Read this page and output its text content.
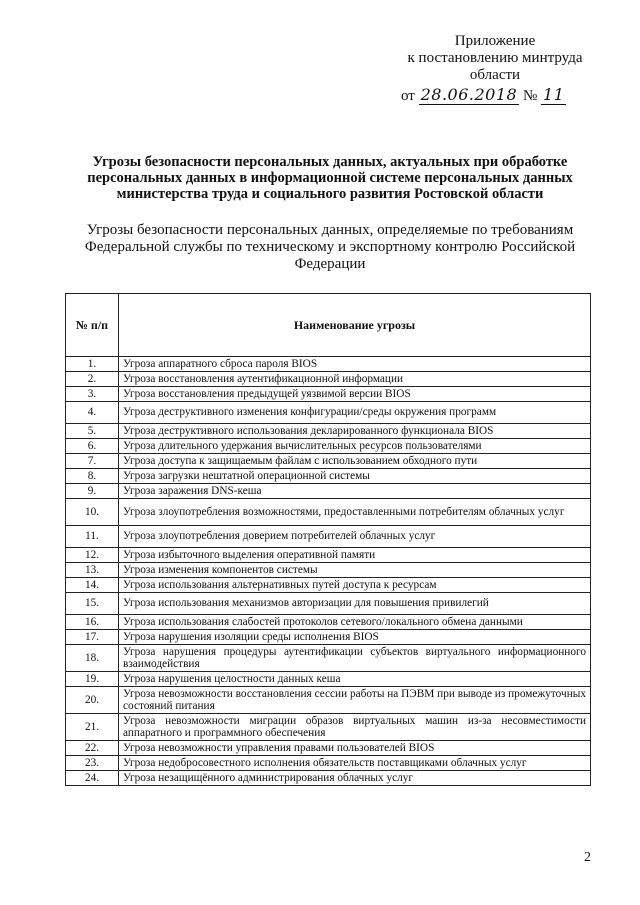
Приложение
к постановлению минтруда
области
от 28.06.2018 № 11
Угрозы безопасности персональных данных, актуальных при обработке персональных данных в информационной системе персональных данных министерства труда и социального развития Ростовской области
Угрозы безопасности персональных данных, определяемые по требованиям Федеральной службы по техническому и экспортному контролю Российской Федерации
№ п/п	Наименование угрозы
1.	Угроза аппаратного сброса пароля BIOS
2.	Угроза восстановления аутентификационной информации
3.	Угроза восстановления предыдущей уязвимой версии BIOS
4.	Угроза деструктивного изменения конфигурации/среды окружения программ
5.	Угроза деструктивного использования декларированного функционала BIOS
6.	Угроза длительного удержания вычислительных ресурсов пользователями
7.	Угроза доступа к защищаемым файлам с использованием обходного пути
8.	Угроза загрузки нештатной операционной системы
9.	Угроза заражения DNS-кеша
10.	Угроза злоупотребления возможностями, предоставленными потребителям облачных услуг
11.	Угроза злоупотребления доверием потребителей облачных услуг
12.	Угроза избыточного выделения оперативной памяти
13.	Угроза изменения компонентов системы
14.	Угроза использования альтернативных путей доступа к ресурсам
15.	Угроза использования механизмов авторизации для повышения привилегий
16.	Угроза использования слабостей протоколов сетевого/локального обмена данными
17.	Угроза нарушения изоляции среды исполнения BIOS
18.	Угроза нарушения процедуры аутентификации субъектов виртуального информационного взаимодействия
19.	Угроза нарушения целостности данных кеша
20.	Угроза невозможности восстановления сессии работы на ПЭВМ при выводе из промежуточных состояний питания
21.	Угроза невозможности миграции образов виртуальных машин из-за несовместимости аппаратного и программного обеспечения
22.	Угроза невозможности управления правами пользователей BIOS
23.	Угроза недобросовестного исполнения обязательств поставщиками облачных услуг
24.	Угроза незащищённого администрирования облачных услуг
2
